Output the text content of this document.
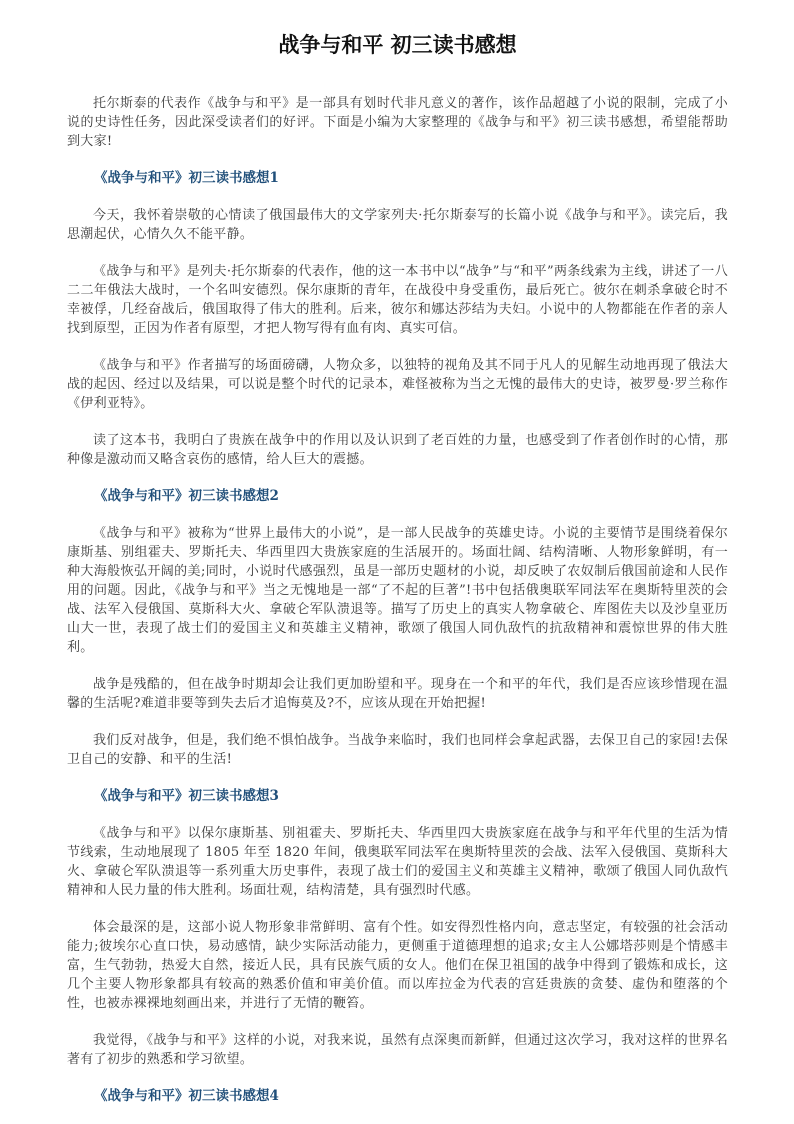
战争与和平 初三读书感想

托尔斯泰的代表作《战争与和平》是一部具有划时代非凡意义的著作，该作品超越了小说的限制，完成了小说的史诗性任务，因此深受读者们的好评。下面是小编为大家整理的《战争与和平》初三读书感想，希望能帮助到大家!

《战争与和平》初三读书感想1

今天，我怀着崇敬的心情读了俄国最伟大的文学家列夫·托尔斯泰写的长篇小说《战争与和平》。读完后，我思潮起伏，心情久久不能平静。

《战争与和平》是列夫·托尔斯泰的代表作，他的这一本书中以“战争”与“和平”两条线索为主线，讲述了一八二二年俄法大战时，一个名叫安德烈。保尔康斯的青年，在战役中身受重伤，最后死亡。彼尔在刺杀拿破仑时不幸被俘，几经奋战后，俄国取得了伟大的胜利。后来，彼尔和娜达莎结为夫妇。小说中的人物都能在作者的亲人找到原型，正因为作者有原型，才把人物写得有血有肉、真实可信。

《战争与和平》作者描写的场面磅礴，人物众多，以独特的视角及其不同于凡人的见解生动地再现了俄法大战的起因、经过以及结果，可以说是整个时代的记录本，难怪被称为当之无愧的最伟大的史诗，被罗曼·罗兰称作《伊利亚特》。

读了这本书，我明白了贵族在战争中的作用以及认识到了老百姓的力量，也感受到了作者创作时的心情，那种像是激动而又略含哀伤的感情，给人巨大的震撼。

《战争与和平》初三读书感想2

《战争与和平》被称为“世界上最伟大的小说”，是一部人民战争的英雄史诗。小说的主要情节是围绕着保尔康斯基、别组霍夫、罗斯托夫、华西里四大贵族家庭的生活展开的。场面壮阔、结构清晰、人物形象鲜明，有一种大海般恢弘开阔的美;同时，小说时代感强烈，虽是一部历史题材的小说，却反映了农奴制后俄国前途和人民作用的问题。因此，《战争与和平》当之无愧地是一部“了不起的巨著”!书中包括俄奥联军同法军在奥斯特里茨的会战、法军入侵俄国、莫斯科大火、拿破仑军队溃退等。描写了历史上的真实人物拿破仑、库图佐夫以及沙皇亚历山大一世，表现了战士们的爱国主义和英雄主义精神，歌颂了俄国人同仇敌忾的抗敌精神和震惊世界的伟大胜利。

战争是残酷的，但在战争时期却会让我们更加盼望和平。现身在一个和平的年代，我们是否应该珍惜现在温馨的生活呢?难道非要等到失去后才追悔莫及?不，应该从现在开始把握!

我们反对战争，但是，我们绝不惧怕战争。当战争来临时，我们也同样会拿起武器，去保卫自己的家园!去保卫自己的安静、和平的生活!

《战争与和平》初三读书感想3

《战争与和平》以保尔康斯基、别祖霍夫、罗斯托夫、华西里四大贵族家庭在战争与和平年代里的生活为情节线索，生动地展现了 1805 年至 1820 年间，俄奥联军同法军在奥斯特里茨的会战、法军入侵俄国、莫斯科大火、拿破仑军队溃退等一系列重大历史事件，表现了战士们的爱国主义和英雄主义精神，歌颂了俄国人同仇敌忾精神和人民力量的伟大胜利。场面壮观，结构清楚，具有强烈时代感。

体会最深的是，这部小说人物形象非常鲜明、富有个性。如安得烈性格内向，意志坚定，有较强的社会活动能力;彼埃尔心直口快，易动感情，缺少实际活动能力，更侧重于道德理想的追求;女主人公娜塔莎则是个情感丰富，生气勃勃，热爱大自然，接近人民，具有民族气质的女人。他们在保卫祖国的战争中得到了锻炼和成长，这几个主要人物形象都具有较高的熟悉价值和审美价值。而以库拉金为代表的宫廷贵族的贪婪、虚伪和堕落的个性，也被赤裸裸地刻画出来，并进行了无情的鞭笞。

我觉得，《战争与和平》这样的小说，对我来说，虽然有点深奥而新鲜，但通过这次学习，我对这样的世界名著有了初步的熟悉和学习欲望。

《战争与和平》初三读书感想4
